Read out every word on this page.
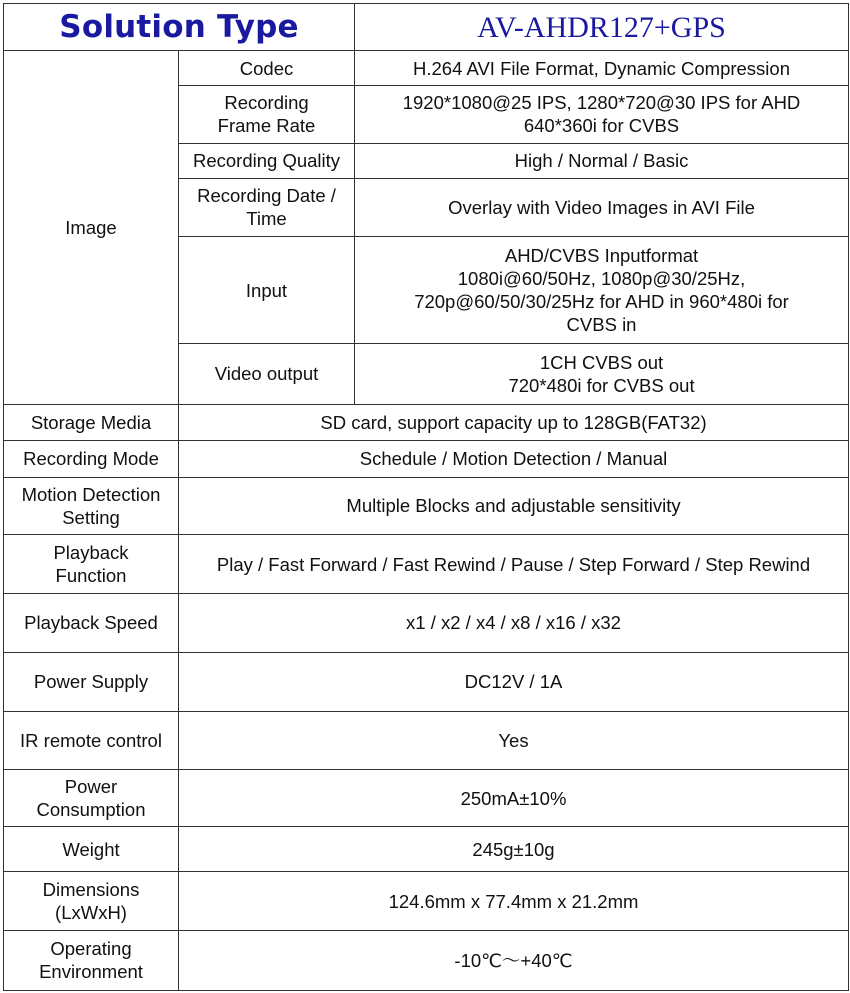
Solution Type		AV-AHDR127+GPS
Image	Codec	H.264 AVI File Format, Dynamic Compression

	Recording
Frame Rate	1920*1080@25 IPS, 1280*720@30 IPS for AHD
640*360i for CVBS

	Recording Quality	High / Normal / Basic

	Recording Date /
Time	Overlay with Video Images in AVI File

	Input	AHD/CVBS Inputformat
1080i@60/50Hz, 1080p@30/25Hz,
720p@60/50/30/25Hz for AHD in 960*480i for
CVBS in

	Video output	1CH CVBS out
720*480i for CVBS out

Storage Media	SD card, support capacity up to 128GB(FAT32)	

Recording Mode	Schedule / Motion Detection / Manual	

Motion Detection
Setting	Multiple Blocks and adjustable sensitivity	

Playback
Function	Play / Fast Forward / Fast Rewind / Pause / Step Forward / Step Rewind	

Playback Speed	x1 / x2 / x4 / x8 / x16 / x32	

Power Supply	DC12V / 1A	

IR remote control	Yes	

Power
Consumption	250mA±10%	

Weight	245g±10g	

Dimensions
(LxWxH)	124.6mm x 77.4mm x 21.2mm	

Operating
Environment	-10℃～+40℃	
